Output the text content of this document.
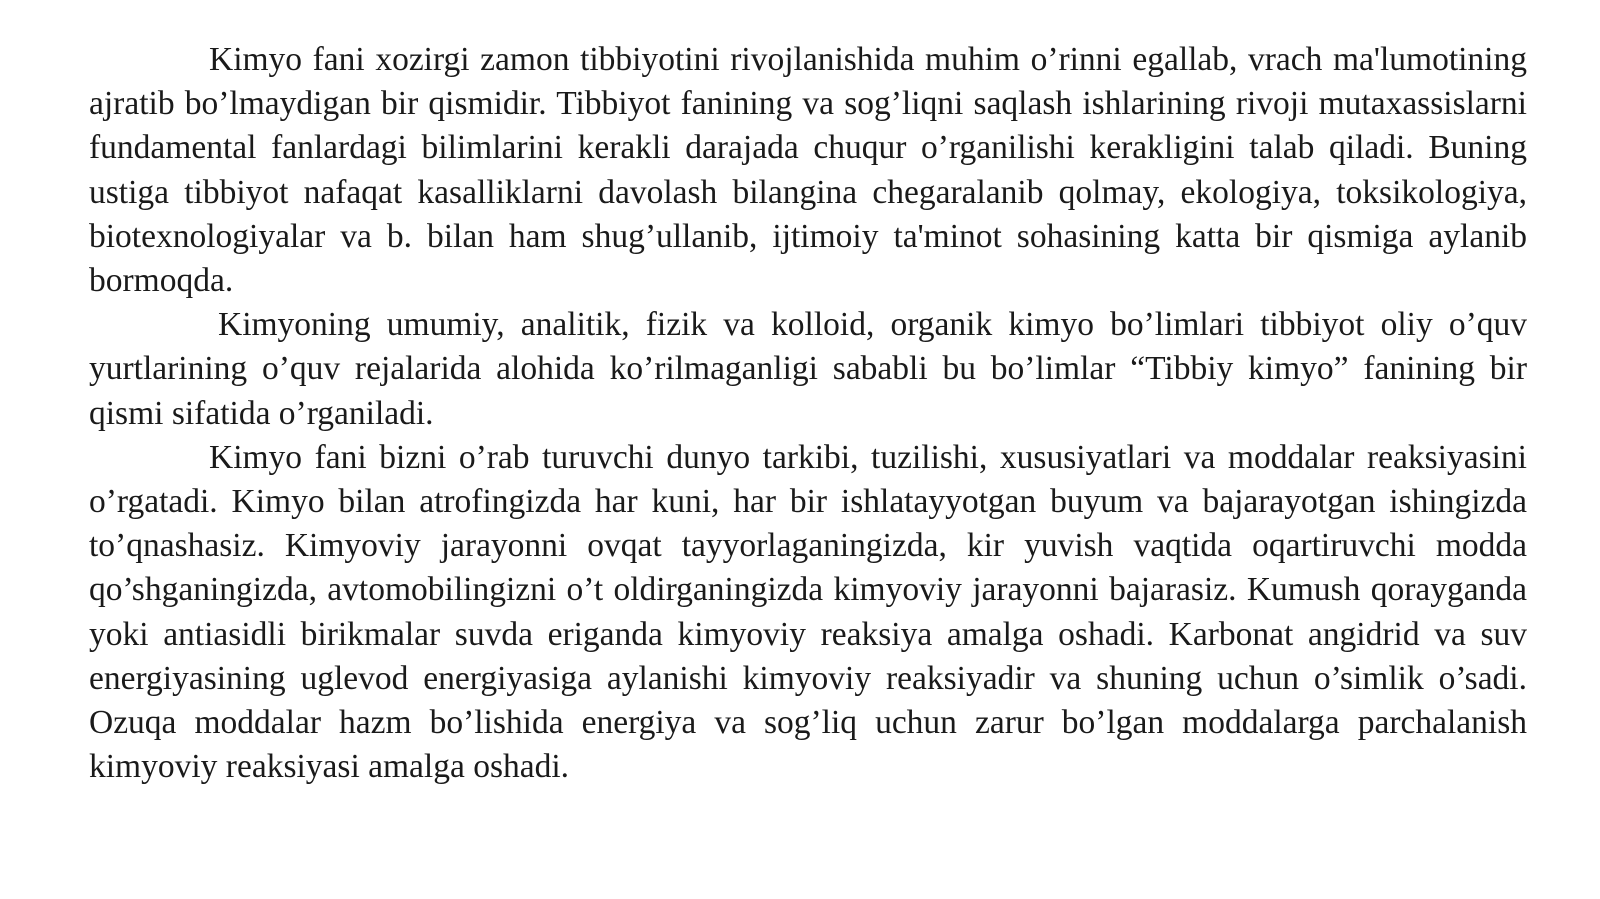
Kimyo fani xozirgi zamon tibbiyotini rivojlanishida muhim o’rinni egallab, vrach ma'lumotining ajratib bo’lmaydigan bir qismidir. Tibbiyot fanining va sog’liqni saqlash ishlarining rivoji mutaxassislarni fundamental fanlardagi bilimlarini kerakli darajada chuqur o’rganilishi kerakligini talab qiladi. Buning ustiga tibbiyot nafaqat kasalliklarni davolash bilangina chegaralanib qolmay, ekologiya, toksikologiya, biotexnologiyalar va b. bilan ham shug’ullanib, ijtimoiy ta'minot sohasining katta bir qismiga aylanib bormoqda.

Kimyoning umumiy, analitik, fizik va kolloid, organik kimyo bo’limlari tibbiyot oliy o’quv yurtlarining o’quv rejalarida alohida ko’rilmaganligi sababli bu bo’limlar “Tibbiy kimyo” fanining bir qismi sifatida o’rganiladi.

Kimyo fani bizni o’rab turuvchi dunyo tarkibi, tuzilishi, xususiyatlari va moddalar reaksiyasini o’rgatadi. Kimyo bilan atrofingizda har kuni, har bir ishlatayyotgan buyum va bajarayotgan ishingizda to’qnashasiz. Kimyoviy jarayonni ovqat tayyorlaganingizda, kir yuvish vaqtida oqartiruvchi modda qo’shganingizda, avtomobilingizni o’t oldirganingizda kimyoviy jarayonni bajarasiz. Kumush qorayganda yoki antiasidli birikmalar suvda eriganda kimyoviy reaksiya amalga oshadi. Karbonat angidrid va suv energiyasining uglevod energiyasiga aylanishi kimyoviy reaksiyadir va shuning uchun o’simlik o’sadi. Ozuqa moddalar hazm bo’lishida energiya va sog’liq uchun zarur bo’lgan moddalarga parchalanish kimyoviy reaksiyasi amalga oshadi.
